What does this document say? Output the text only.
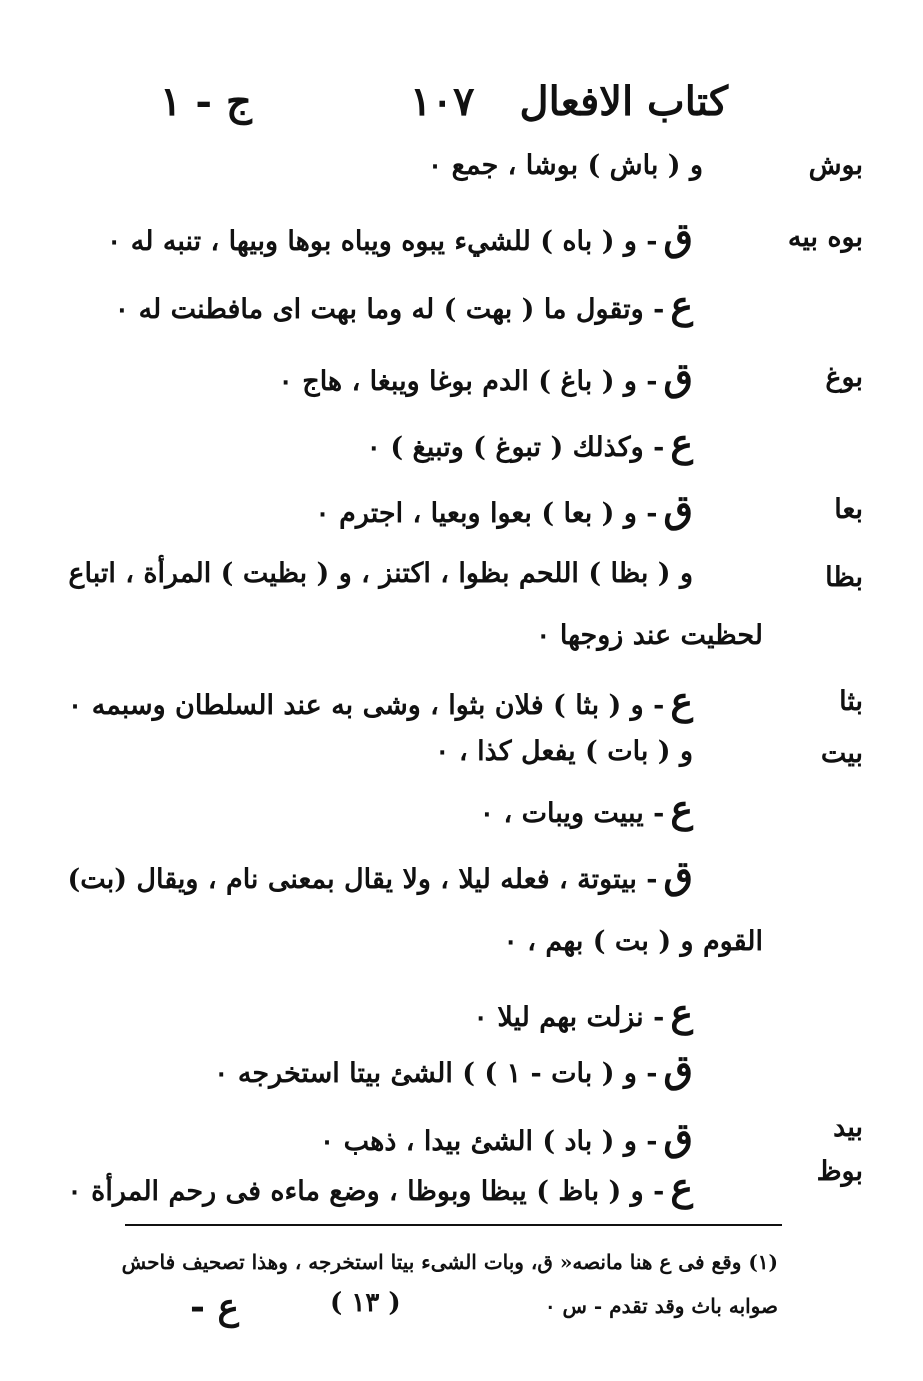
كتاب الافعال
١٠٧
ج - ١
بوش
و ( باش ) بوشا ، جمع ٠
بوه بيه
ق- و ( باه ) للشيء يبوه ويباه بوها وبيها ، تنبه له ٠
ع- وتقول ما ( بهت ) له وما بهت اى مافطنت له ٠
بوغ
ق- و ( باغ ) الدم بوغا ويبغا ، هاج ٠
ع- وكذلك ( تبوغ ) وتبيغ ) ٠
بعا
ق- و ( بعا ) بعوا وبعيا ، اجترم ٠
بظا
و ( بظا ) اللحم بظوا ، اكتنز ، و ( بظيت ) المرأة ، اتباع
لحظيت عند زوجها ٠
بثا
ع- و ( بثا ) فلان بثوا ، وشى به عند السلطان وسبمه ٠
بيت
و ( بات ) يفعل كذا ، ٠
ع- يبيت ويبات ، ٠
ق- بيتوتة ، فعله ليلا ، ولا يقال بمعنى نام ، ويقال (بت)
القوم و ( بت ) بهم ، ٠
ع- نزلت بهم ليلا ٠
ق- و ( بات - ١ ) ) الشئ بيتا استخرجه ٠
بيد
ق- و ( باد ) الشئ بيدا ، ذهب ٠
بوظ
ع- و ( باظ ) يبظا وبوظا ، وضع ماءه فى رحم المرأة ٠
(١) وقع فى ع هنا مانصه« ق، وبات الشىء بيتا استخرجه ، وهذا تصحيف فاحش
صوابه باث وقد تقدم - س ٠
( ١٣ )
ع -
